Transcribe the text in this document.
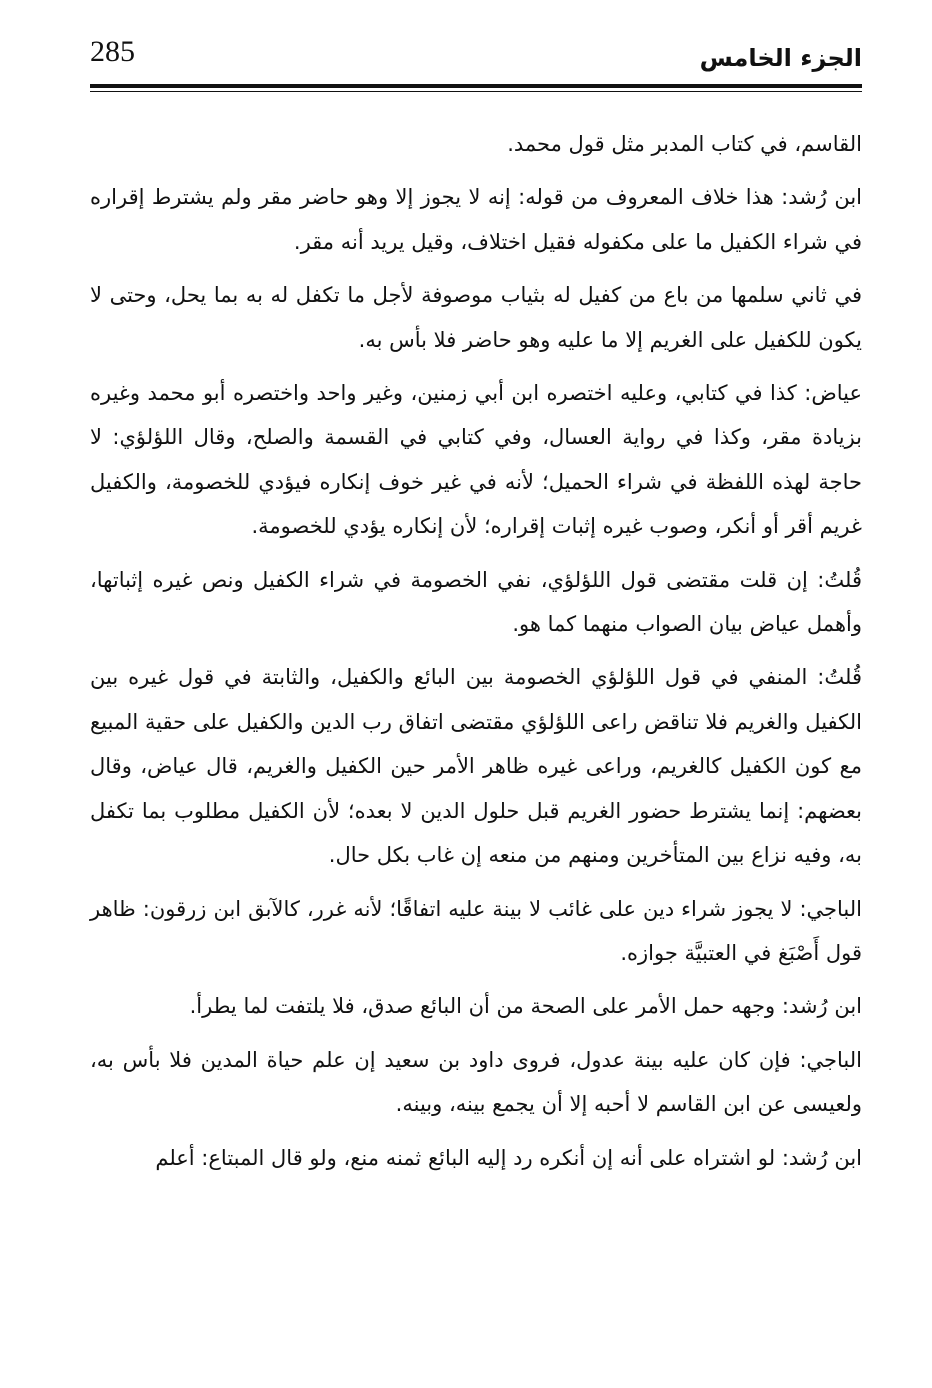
285	الجزء الخامس

القاسم، في كتاب المدبر مثل قول محمد.

ابن رُشد: هذا خلاف المعروف من قوله: إنه لا يجوز إلا وهو حاضر مقر ولم يشترط إقراره في شراء الكفيل ما على مكفوله فقيل اختلاف، وقيل يريد أنه مقر.

في ثاني سلمها من باع من كفيل له بثياب موصوفة لأجل ما تكفل له به بما يحل، وحتى لا يكون للكفيل على الغريم إلا ما عليه وهو حاضر فلا بأس به.

عياض: كذا في كتابي، وعليه اختصره ابن أبي زمنين، وغير واحد واختصره أبو محمد وغيره بزيادة مقر، وكذا في رواية العسال، وفي كتابي في القسمة والصلح، وقال اللؤلؤي: لا حاجة لهذه اللفظة في شراء الحميل؛ لأنه في غير خوف إنكاره فيؤدي للخصومة، والكفيل غريم أقر أو أنكر، وصوب غيره إثبات إقراره؛ لأن إنكاره يؤدي للخصومة.

قُلتُ: إن قلت مقتضى قول اللؤلؤي، نفي الخصومة في شراء الكفيل ونص غيره إثباتها، وأهمل عياض بيان الصواب منهما كما هو.

قُلتُ: المنفي في قول اللؤلؤي الخصومة بين البائع والكفيل، والثابتة في قول غيره بين الكفيل والغريم فلا تناقض راعى اللؤلؤي مقتضى اتفاق رب الدين والكفيل على حقية المبيع مع كون الكفيل كالغريم، وراعى غيره ظاهر الأمر حين الكفيل والغريم، قال عياض، وقال بعضهم: إنما يشترط حضور الغريم قبل حلول الدين لا بعده؛ لأن الكفيل مطلوب بما تكفل به، وفيه نزاع بين المتأخرين ومنهم من منعه إن غاب بكل حال.

الباجي: لا يجوز شراء دين على غائب لا بينة عليه اتفاقًا؛ لأنه غرر، كالآبق ابن زرقون: ظاهر قول أَصْبَغ في العتبيَّة جوازه.

ابن رُشد: وجهه حمل الأمر على الصحة من أن البائع صدق، فلا يلتفت لما يطرأ.

الباجي: فإن كان عليه بينة عدول، فروى داود بن سعيد إن علم حياة المدين فلا بأس به، ولعيسى عن ابن القاسم لا أحبه إلا أن يجمع بينه، وبينه.

ابن رُشد: لو اشتراه على أنه إن أنكره رد إليه البائع ثمنه منع، ولو قال المبتاع: أعلم
